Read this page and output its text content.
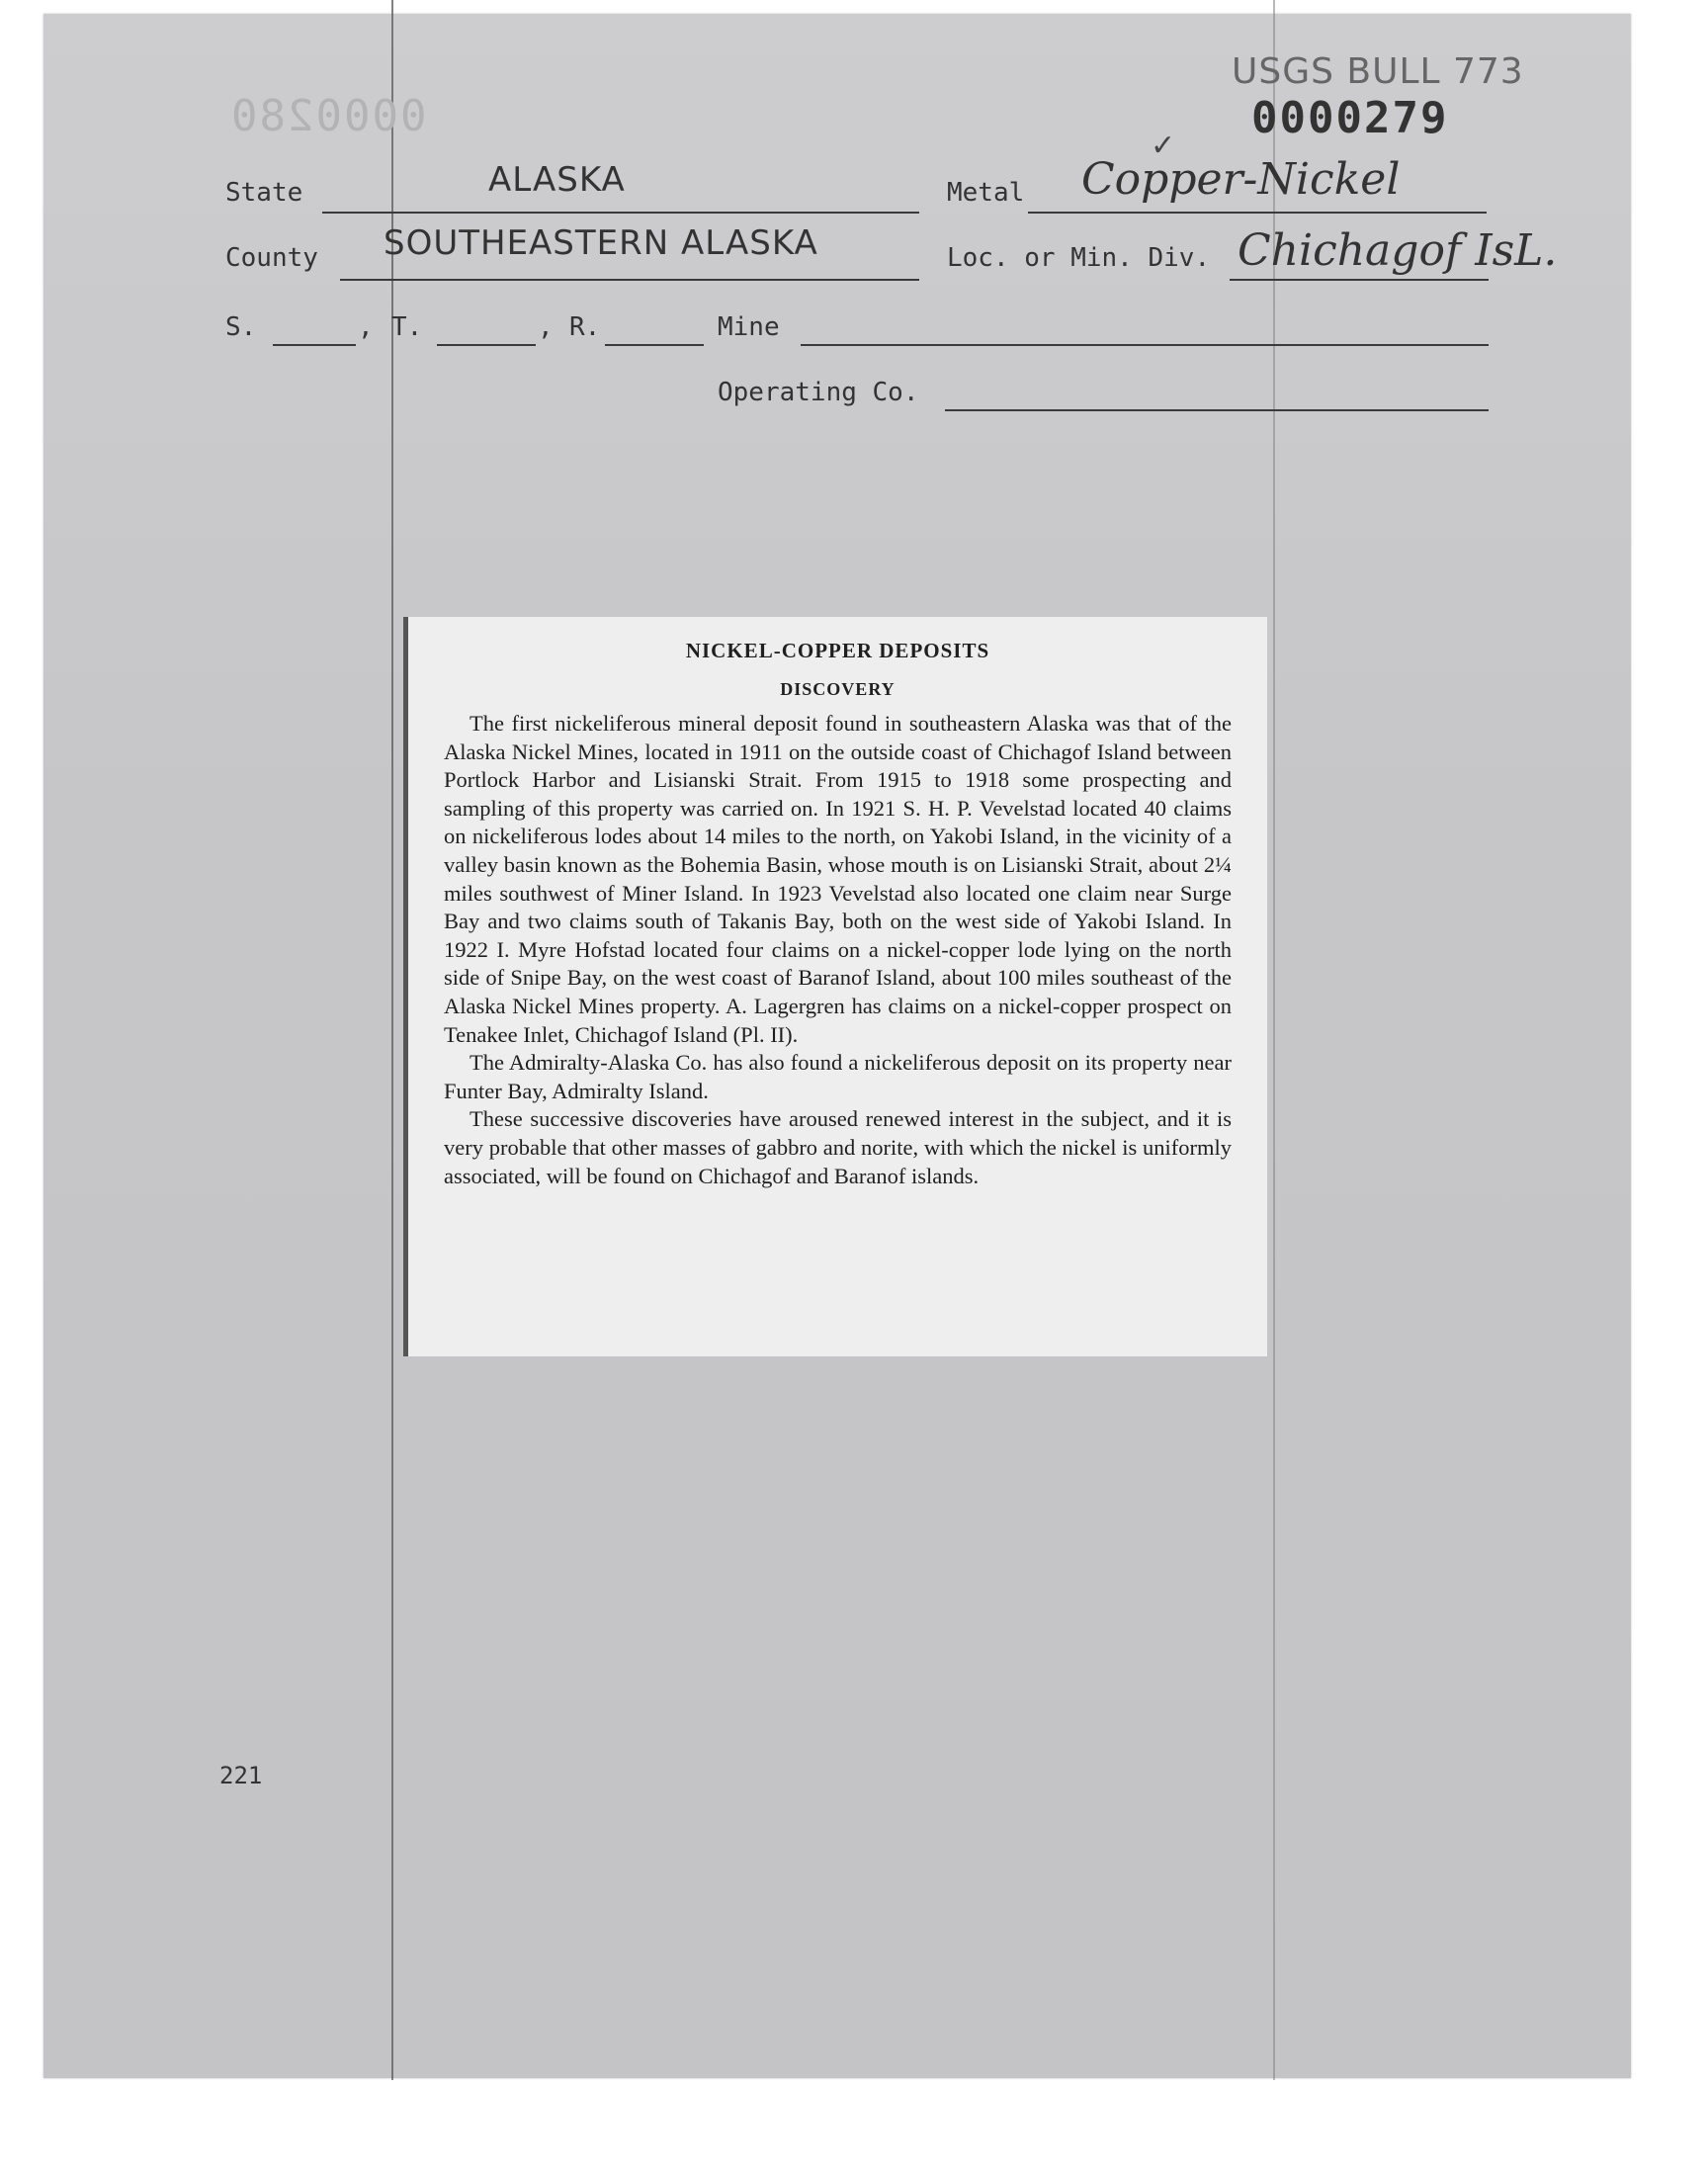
0000280
USGS BULL 773
0000279
✓
State	ALASKA	Metal Copper-Nickel
County SOUTHEASTERN ALASKA	Loc. or Min. Div. Chichagof IsL.
S.	, T.	, R.	Mine
Operating Co.
NICKEL-COPPER DEPOSITS
DISCOVERY

The first nickeliferous mineral deposit found in southeastern Alaska was that of the Alaska Nickel Mines, located in 1911 on the outside coast of Chichagof Island between Portlock Harbor and Lisianski Strait. From 1915 to 1918 some prospecting and sampling of this property was carried on. In 1921 S. H. P. Vevelstad located 40 claims on nickeliferous lodes about 14 miles to the north, on Yakobi Island, in the vicinity of a valley basin known as the Bohemia Basin, whose mouth is on Lisianski Strait, about 2¼ miles southwest of Miner Island. In 1923 Vevelstad also located one claim near Surge Bay and two claims south of Takanis Bay, both on the west side of Yakobi Island. In 1922 I. Myre Hofstad located four claims on a nickel-copper lode lying on the north side of Snipe Bay, on the west coast of Baranof Island, about 100 miles southeast of the Alaska Nickel Mines property. A. Lagergren has claims on a nickel-copper prospect on Tenakee Inlet, Chichagof Island (Pl. II).

The Admiralty-Alaska Co. has also found a nickeliferous deposit on its property near Funter Bay, Admiralty Island.

These successive discoveries have aroused renewed interest in the subject, and it is very probable that other masses of gabbro and norite, with which the nickel is uniformly associated, will be found on Chichagof and Baranof islands.

221
